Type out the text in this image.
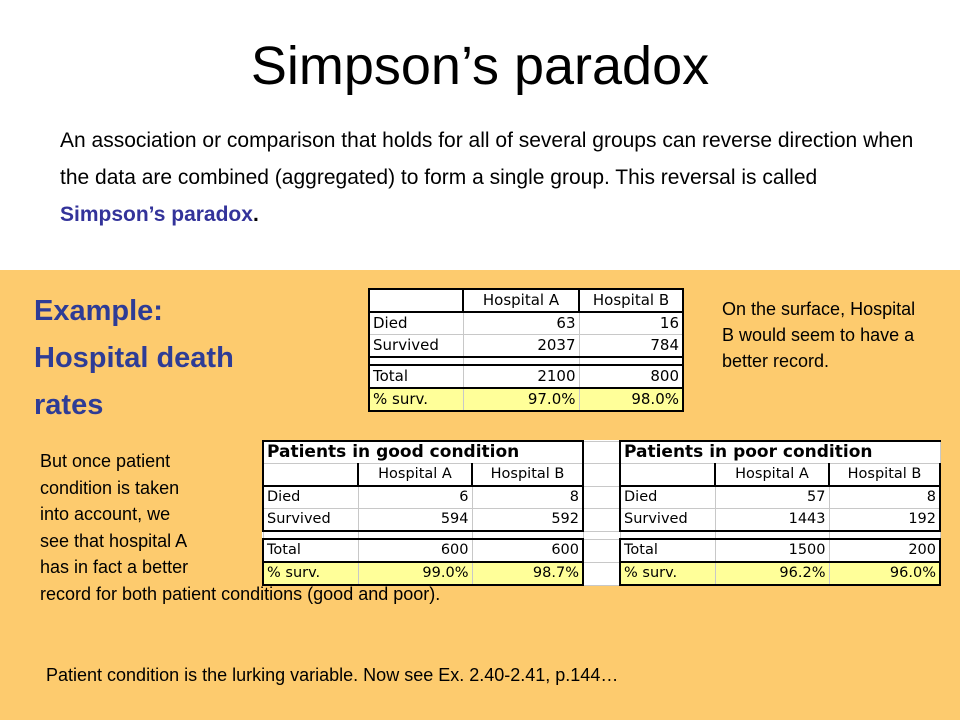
Simpson’s paradox
An association or comparison that holds for all of several groups can reverse direction when the data are combined (aggregated) to form a single group. This reversal is called Simpson’s paradox.
Example:
Hospital death
rates
	Hospital A	Hospital B
Died	63	16
Survived	2037	784

Total	2100	800
% surv.	97.0%	98.0%
On the surface, Hospital B would seem to have a better record.
Patients in good condition				Patients in poor condition		
	Hospital A	Hospital B			Hospital A	Hospital B
Died	6	8		Died	57	8
Survived	594	592		Survived	1443	192

Total	600	600		Total	1500	200
% surv.	99.0%	98.7%		% surv.	96.2%	96.0%
But once patient
condition is taken
into account, we
see that hospital A
has in fact a better
record for both patient conditions (good and poor).
Patient condition is the lurking variable. Now see Ex. 2.40-2.41, p.144…
